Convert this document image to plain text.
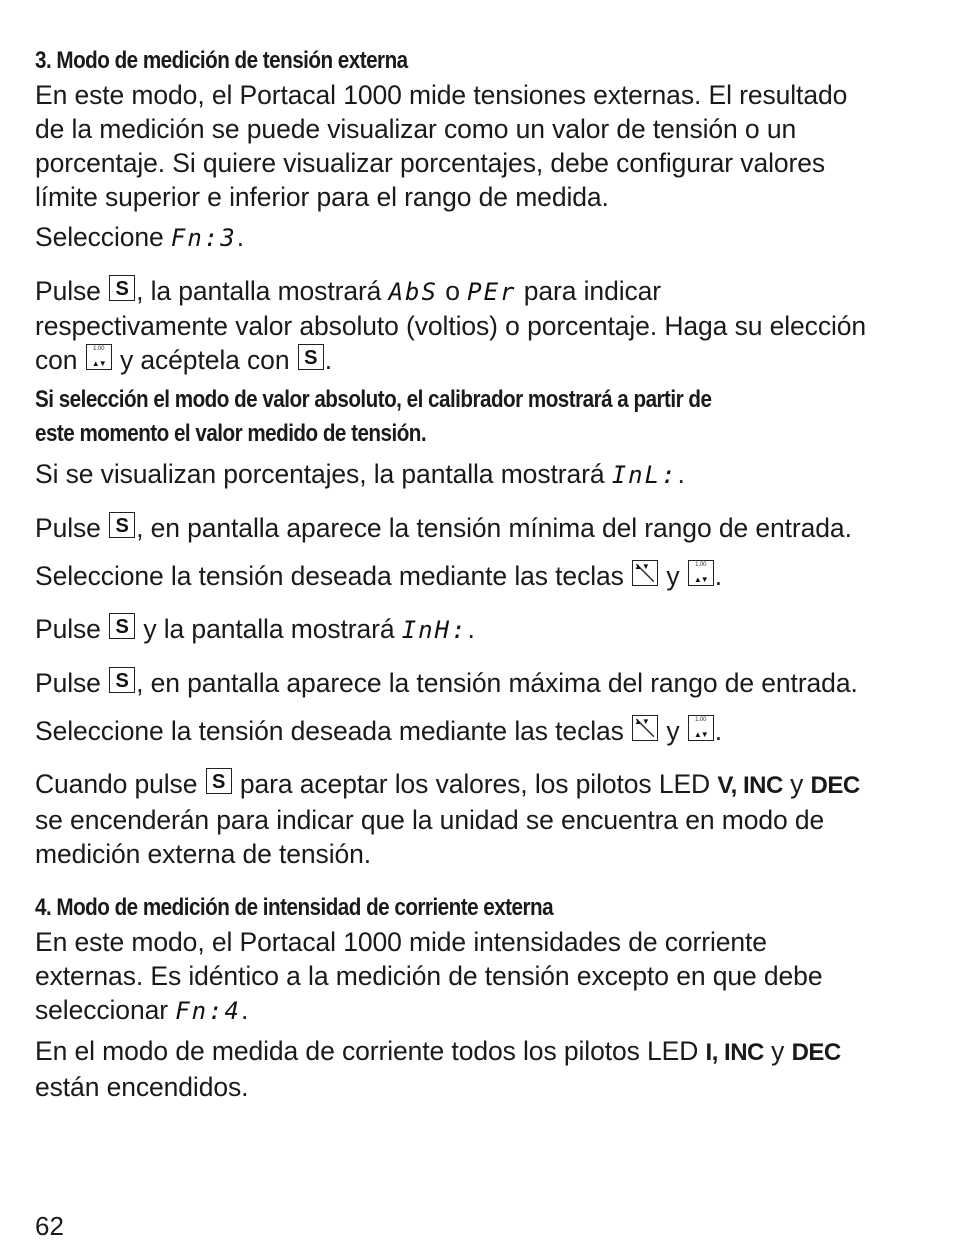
3. Modo de medición de tensión externa

En este modo, el Portacal 1000 mide tensiones externas. El resultado

de la medición se puede visualizar como un valor de tensión o un

porcentaje. Si quiere visualizar porcentajes, debe configurar valores

límite superior e inferior para el rango de medida.

Seleccione Fn:3.

Pulse S, la pantalla mostrará AbS o PEr para indicar

respectivamente valor absoluto (voltios) o porcentaje. Haga su elección

con 1.00 ▲▼ y acéptela con S.

Si selección el modo de valor absoluto, el calibrador mostrará a partir de

este momento el valor medido de tensión.

Si se visualizan porcentajes, la pantalla mostrará InL:.

Pulse S, en pantalla aparece la tensión mínima del rango de entrada.

Seleccione la tensión deseada mediante las teclas ▲▼ y 1.00 ▲▼.

Pulse S y la pantalla mostrará InH:.

Pulse S, en pantalla aparece la tensión máxima del rango de entrada.

Seleccione la tensión deseada mediante las teclas ▲▼ y 1.00 ▲▼.

Cuando pulse S para aceptar los valores, los pilotos LED V, INC y DEC

se encenderán para indicar que la unidad se encuentra en modo de

medición externa de tensión.

4. Modo de medición de intensidad de corriente externa

En este modo, el Portacal 1000 mide intensidades de corriente

externas. Es idéntico a la medición de tensión excepto en que debe

seleccionar Fn:4.

En el modo de medida de corriente todos los pilotos LED I, INC y DEC

están encendidos.

62
